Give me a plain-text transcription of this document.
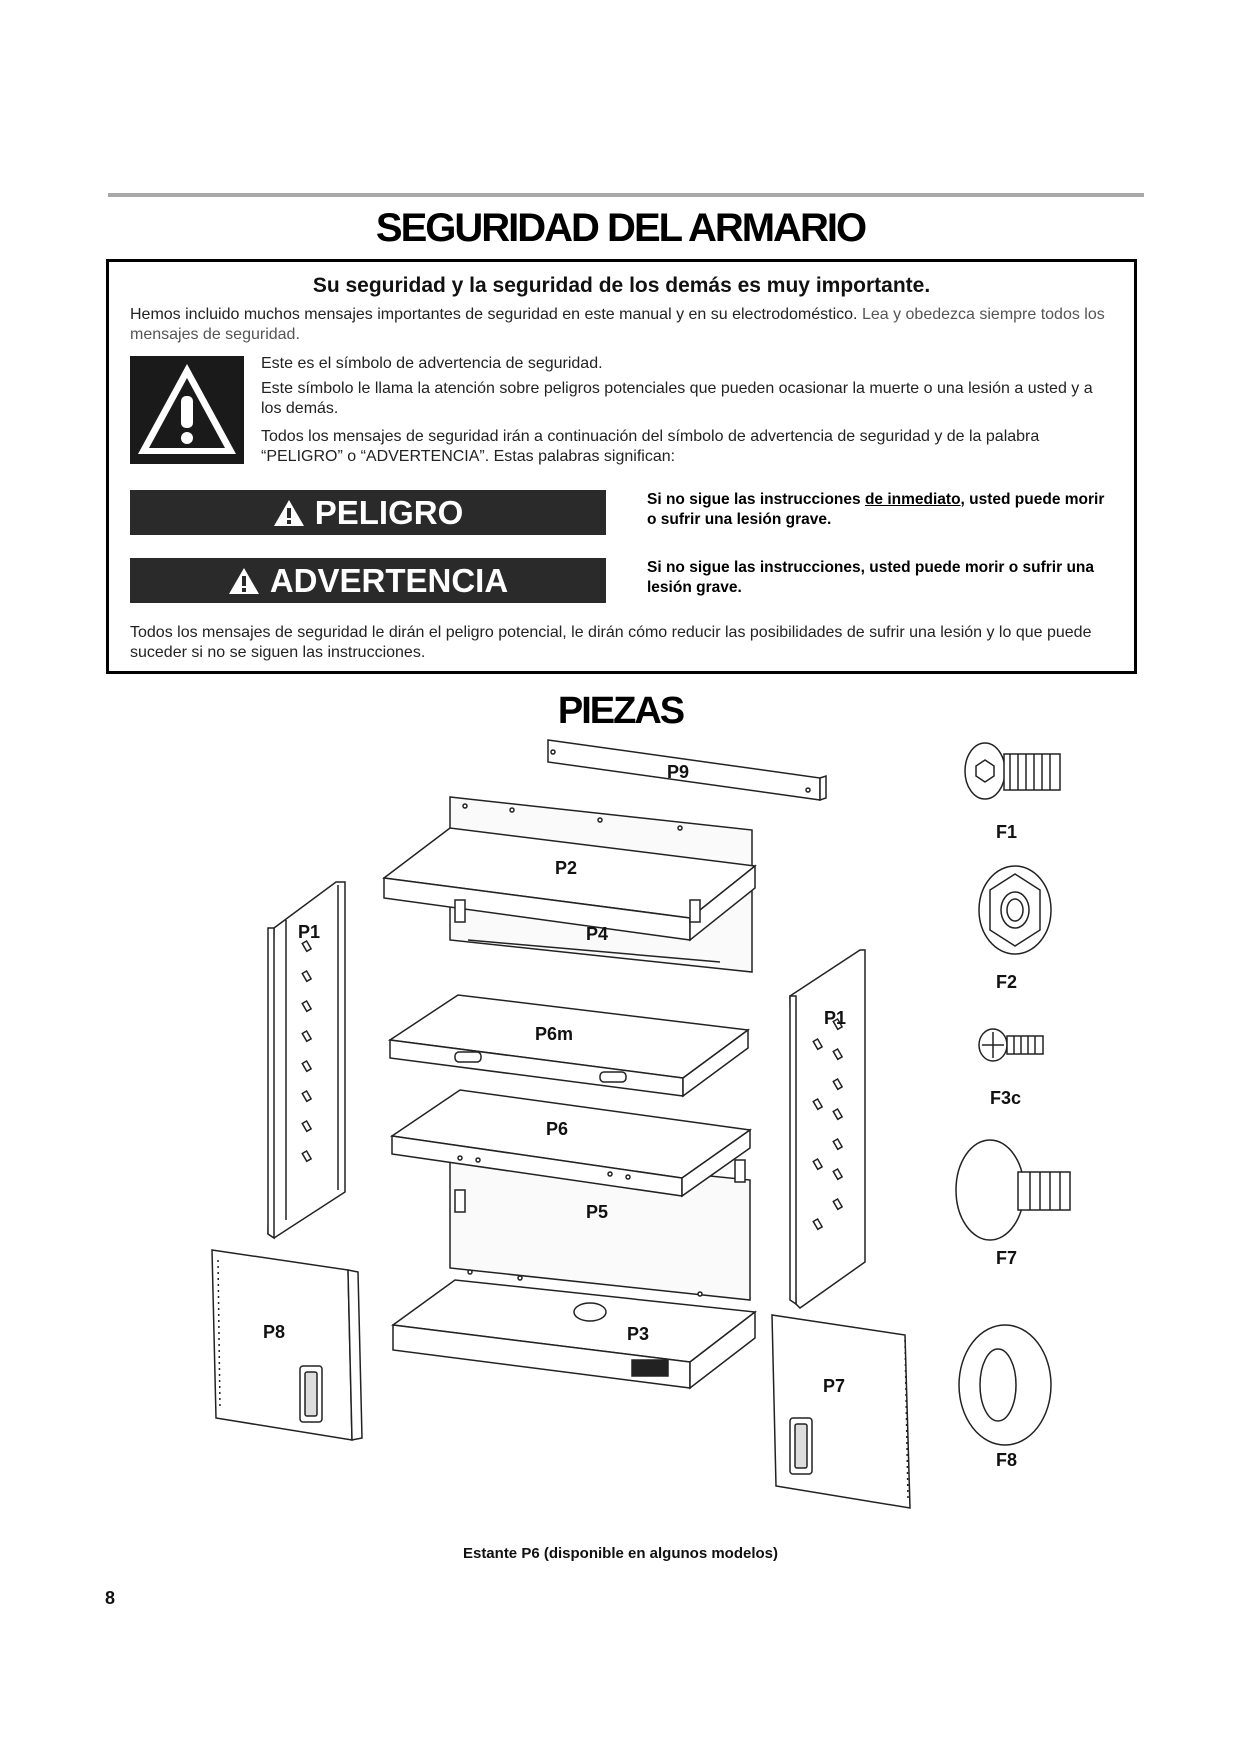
SEGURIDAD DEL ARMARIO
Su seguridad y la seguridad de los demás es muy importante.
Hemos incluido muchos mensajes importantes de seguridad en este manual y en su electrodoméstico. Lea y obedezca siempre todos los mensajes de seguridad.
Este es el símbolo de advertencia de seguridad.
Este símbolo le llama la atención sobre peligros potenciales que pueden ocasionar la muerte o una lesión a usted y a los demás.
Todos los mensajes de seguridad irán a continuación del símbolo de advertencia de seguridad y de la palabra “PELIGRO” o “ADVERTENCIA”. Estas palabras significan:
PELIGRO	Si no sigue las instrucciones de inmediato, usted puede morir o sufrir una lesión grave.
ADVERTENCIA	Si no sigue las instrucciones, usted puede morir o sufrir una lesión grave.
Todos los mensajes de seguridad le dirán el peligro potencial, le dirán cómo reducir las posibilidades de sufrir una lesión y lo que puede suceder si no se siguen las instrucciones.
PIEZAS
P9
P2
P4
P1
P1
P6m
P6
P5
P3
P8
P7
F1
F2
F3c
F7
F8
Estante P6 (disponible en algunos modelos)
8
